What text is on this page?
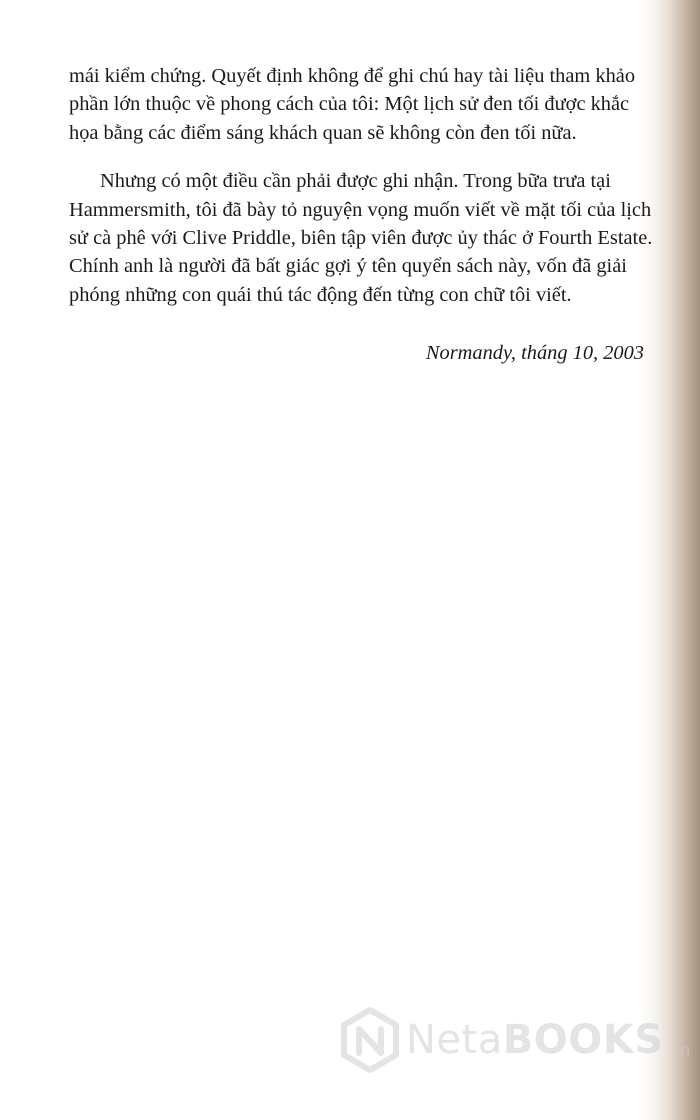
mái kiểm chứng. Quyết định không để ghi chú hay tài liệu tham khảo
phần lớn thuộc về phong cách của tôi: Một lịch sử đen tối được khắc
họa bằng các điểm sáng khách quan sẽ không còn đen tối nữa.

Nhưng có một điều cần phải được ghi nhận. Trong bữa trưa tại
Hammersmith, tôi đã bày tỏ nguyện vọng muốn viết về mặt tối của lịch
sử cà phê với Clive Priddle, biên tập viên được ủy thác ở Fourth Estate.
Chính anh là người đã bất giác gợi ý tên quyển sách này, vốn đã giải
phóng những con quái thú tác động đến từng con chữ tôi viết.

Normandy, tháng 10, 2003
NetaBOOKS .vn
